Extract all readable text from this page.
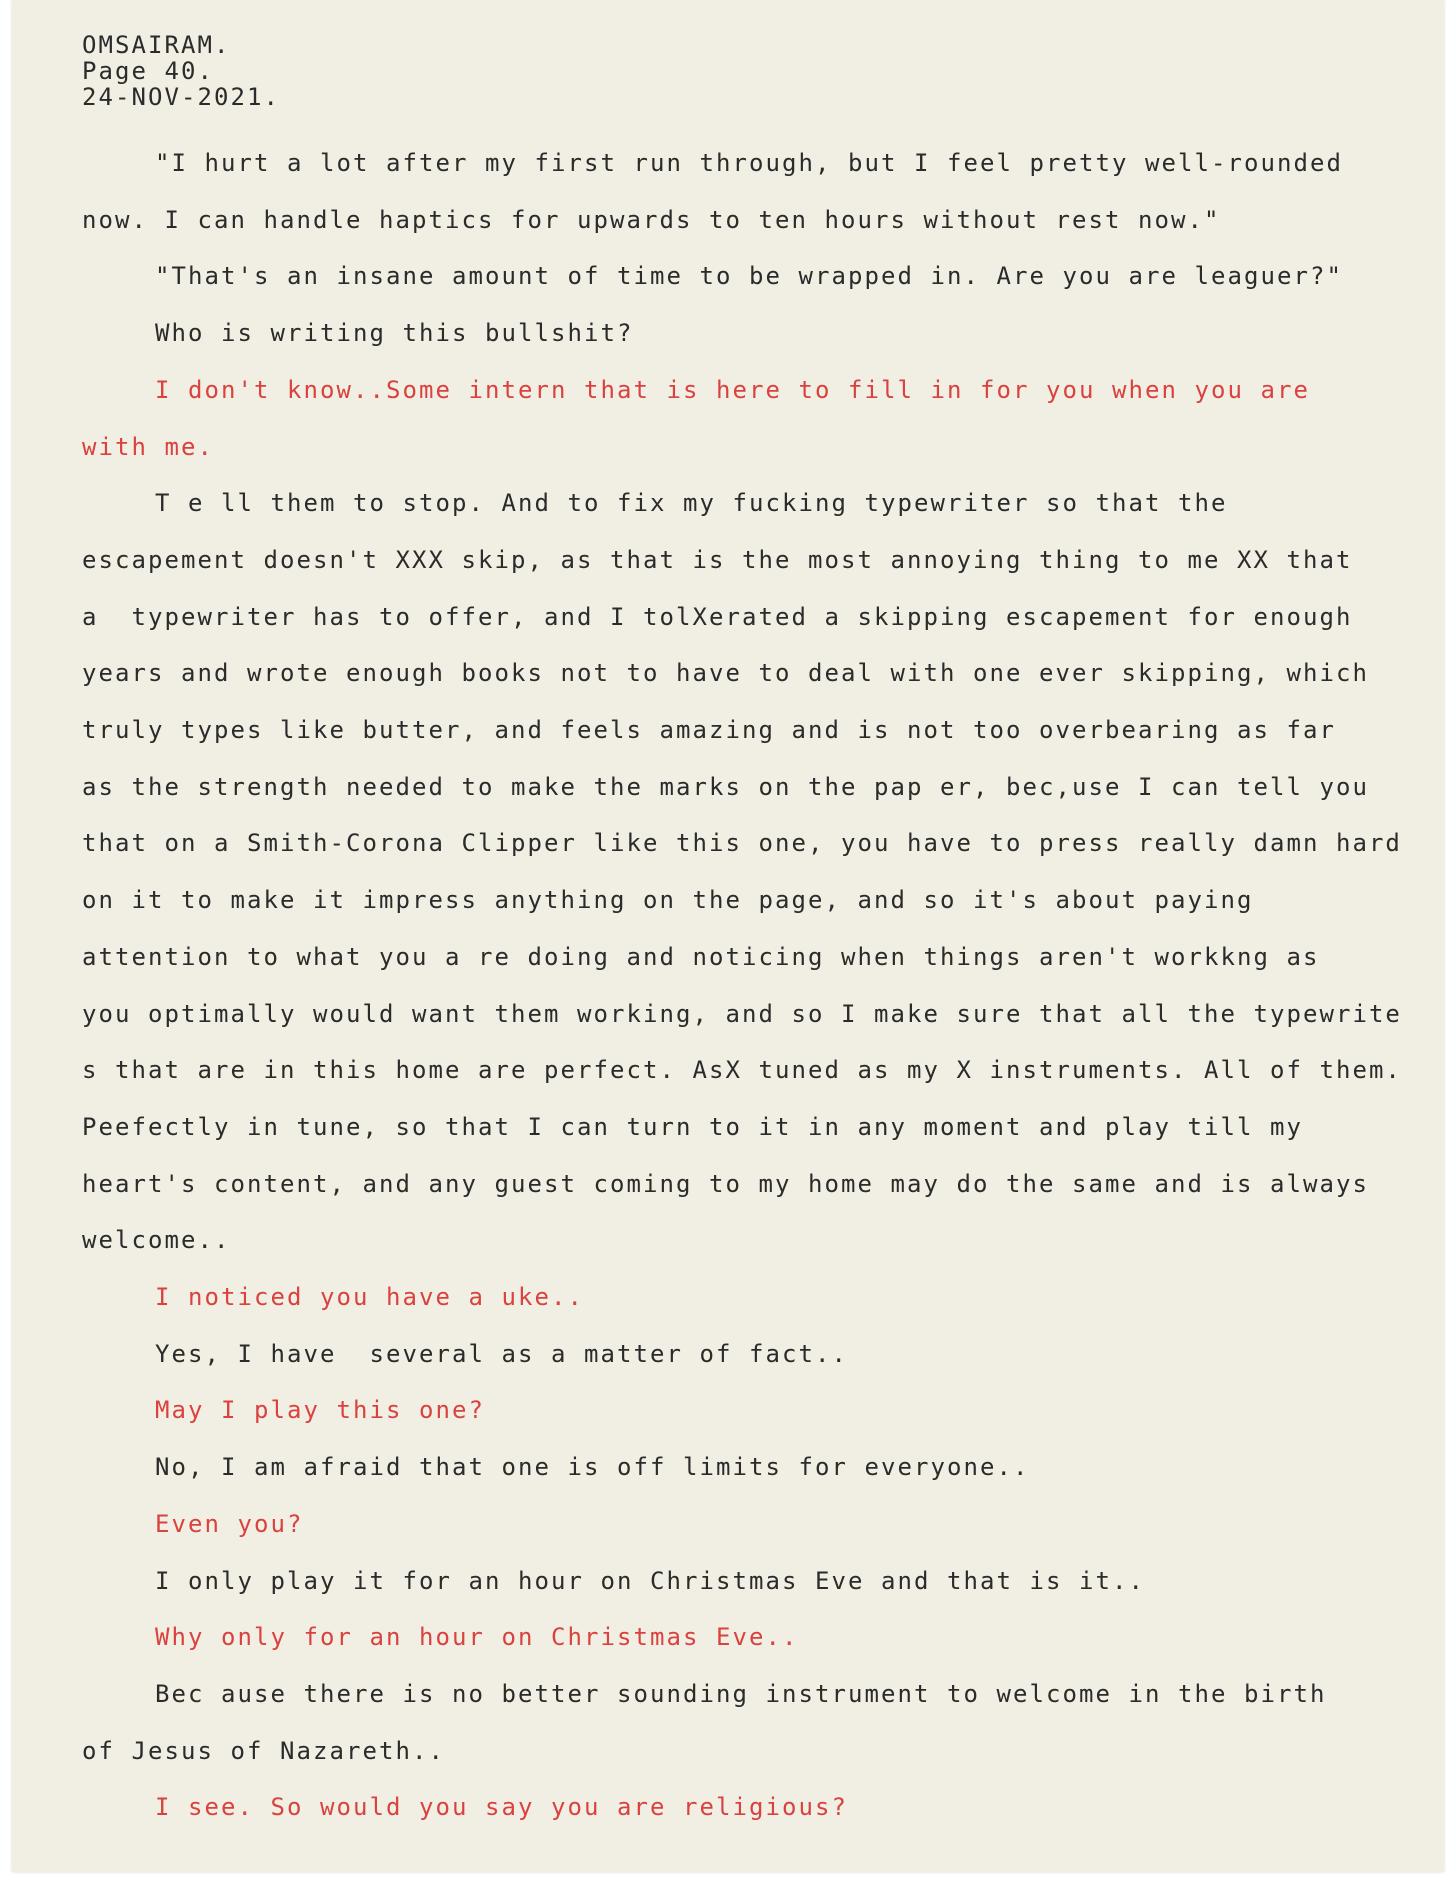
OMSAIRAM.
Page 40.
24-NOV-2021.
"I hurt a lot after my first run through, but I feel pretty well-rounded
now. I can handle haptics for upwards to ten hours without rest now."
"That's an insane amount of time to be wrapped in. Are you are leaguer?"
Who is writing this bullshit?
I don't know..Some intern that is here to fill in for you when you are
with me.
T e ll them to stop. And to fix my fucking typewriter so that the
escapement doesn't XXX skip, as that is the most annoying thing to me XX that
a  typewriter has to offer, and I tolXerated a skipping escapement for enough
years and wrote enough books not to have to deal with one ever skipping, which
truly types like butter, and feels amazing and is not too overbearing as far
as the strength needed to make the marks on the pap er, bec,use I can tell you
that on a Smith-Corona Clipper like this one, you have to press really damn hard
on it to make it impress anything on the page, and so it's about paying
attention to what you a re doing and noticing when things aren't workkng as
you optimally would want them working, and so I make sure that all the typewrite
s that are in this home are perfect. AsX tuned as my X instruments. All of them.
Peefectly in tune, so that I can turn to it in any moment and play till my
heart's content, and any guest coming to my home may do the same and is always
welcome..
I noticed you have a uke..
Yes, I have  several as a matter of fact..
May I play this one?
No, I am afraid that one is off limits for everyone..
Even you?
I only play it for an hour on Christmas Eve and that is it..
Why only for an hour on Christmas Eve..
Bec ause there is no better sounding instrument to welcome in the birth
of Jesus of Nazareth..
I see. So would you say you are religious?
